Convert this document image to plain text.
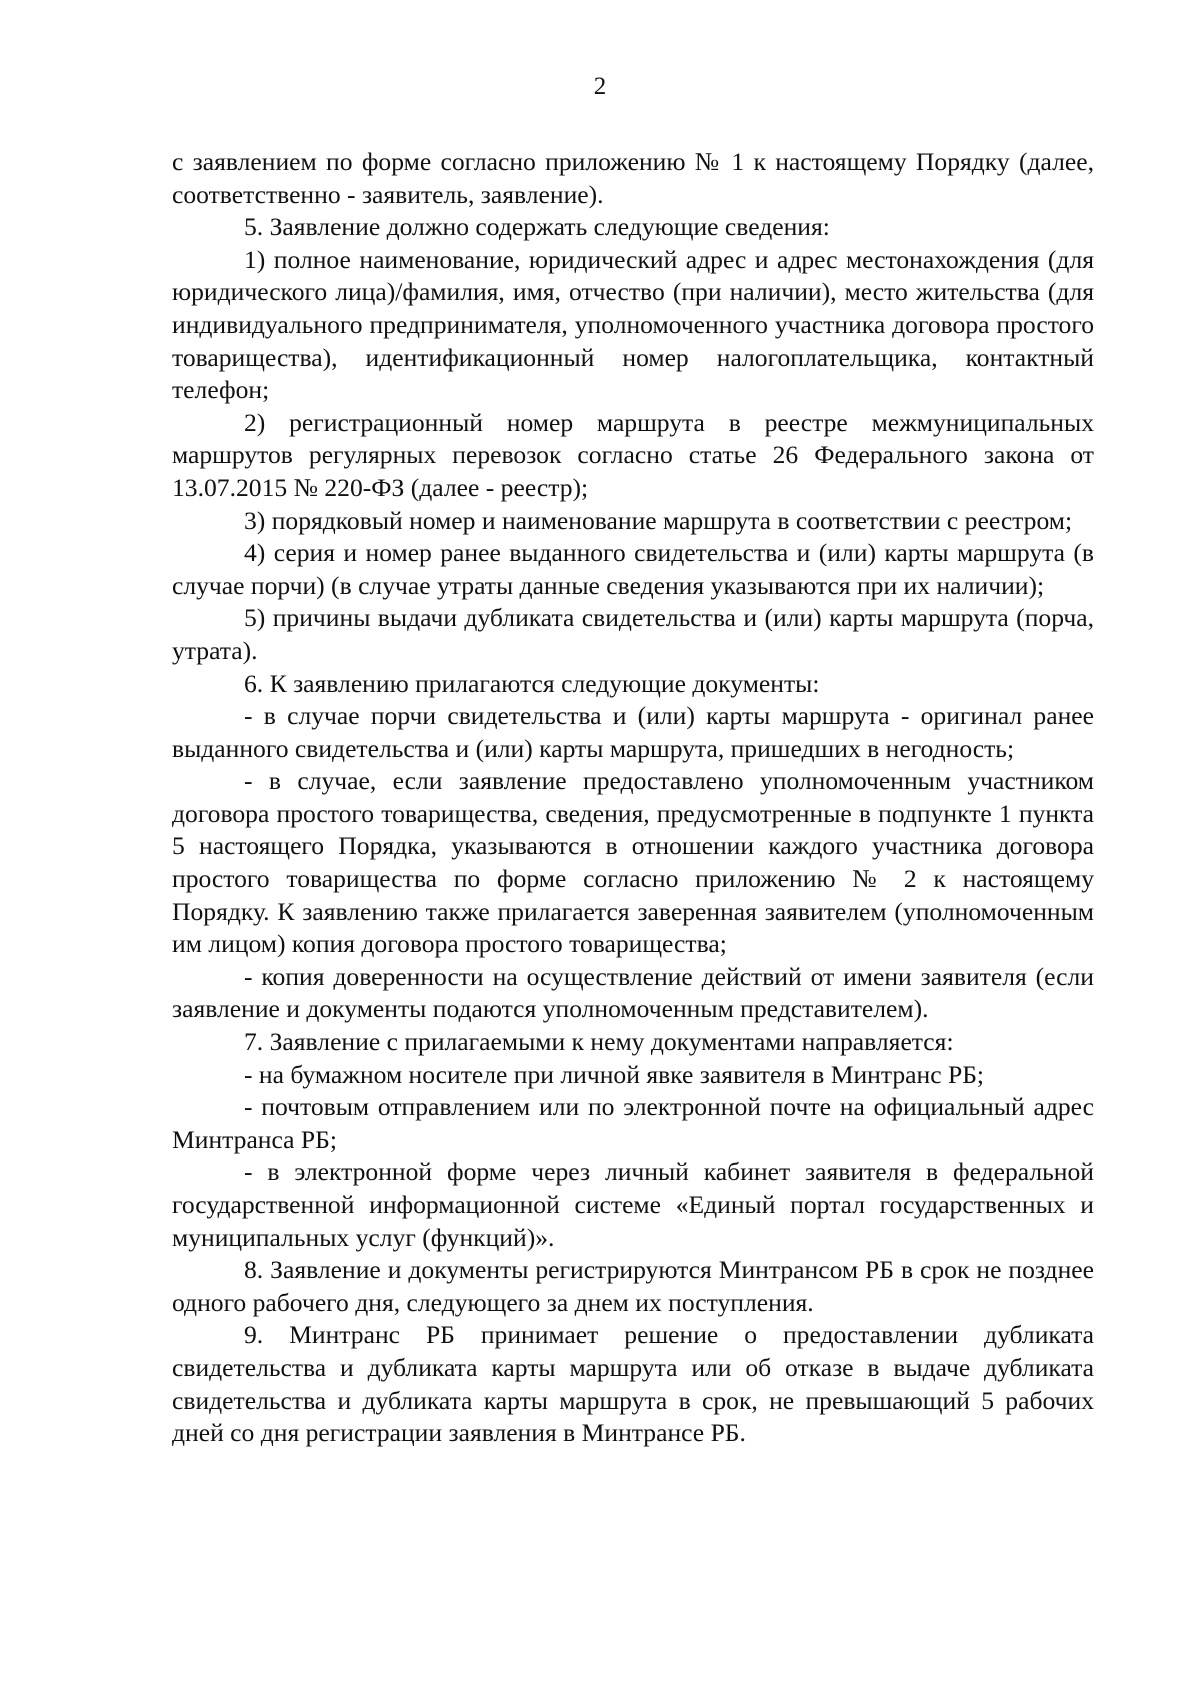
2

с заявлением по форме согласно приложению № 1 к настоящему Порядку (далее, соответственно - заявитель, заявление).

5. Заявление должно содержать следующие сведения:

1) полное наименование, юридический адрес и адрес местонахождения (для юридического лица)/фамилия, имя, отчество (при наличии), место жительства (для индивидуального предпринимателя, уполномоченного участника договора простого товарищества), идентификационный номер налогоплательщика, контактный телефон;

2) регистрационный номер маршрута в реестре межмуниципальных маршрутов регулярных перевозок согласно статье 26 Федерального закона от 13.07.2015 № 220-ФЗ (далее - реестр);

3) порядковый номер и наименование маршрута в соответствии с реестром;

4) серия и номер ранее выданного свидетельства и (или) карты маршрута (в случае порчи) (в случае утраты данные сведения указываются при их наличии);

5) причины выдачи дубликата свидетельства и (или) карты маршрута (порча, утрата).

6. К заявлению прилагаются следующие документы:

- в случае порчи свидетельства и (или) карты маршрута - оригинал ранее выданного свидетельства и (или) карты маршрута, пришедших в негодность;

- в случае, если заявление предоставлено уполномоченным участником договора простого товарищества, сведения, предусмотренные в подпункте 1 пункта 5 настоящего Порядка, указываются в отношении каждого участника договора простого товарищества по форме согласно приложению № 2 к настоящему Порядку. К заявлению также прилагается заверенная заявителем (уполномоченным им лицом) копия договора простого товарищества;

- копия доверенности на осуществление действий от имени заявителя (если заявление и документы подаются уполномоченным представителем).

7. Заявление с прилагаемыми к нему документами направляется:

- на бумажном носителе при личной явке заявителя в Минтранс РБ;

- почтовым отправлением или по электронной почте на официальный адрес Минтранса РБ;

- в электронной форме через личный кабинет заявителя в федеральной государственной информационной системе «Единый портал государственных и муниципальных услуг (функций)».

8. Заявление и документы регистрируются Минтрансом РБ в срок не позднее одного рабочего дня, следующего за днем их поступления.

9. Минтранс РБ принимает решение о предоставлении дубликата свидетельства и дубликата карты маршрута или об отказе в выдаче дубликата свидетельства и дубликата карты маршрута в срок, не превышающий 5 рабочих дней со дня регистрации заявления в Минтрансе РБ.
